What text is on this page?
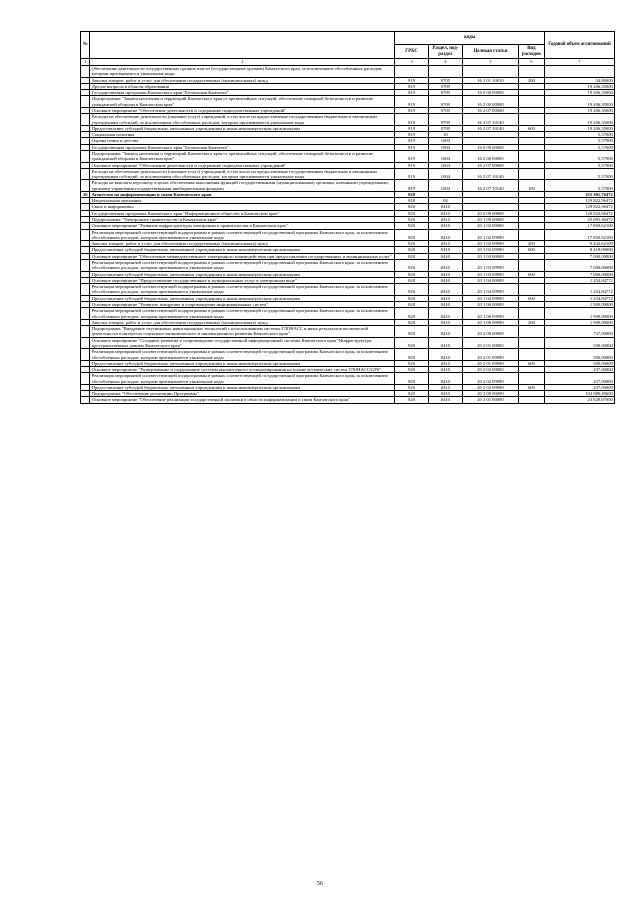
№		коды				Годовой объем ассигнований
		ГРБС	Раздел, под-раздел	Целевая статья	Вид расходов	
1	2	3	4	5	6	7
	Обеспечение деятельности государственных органов власти (государственных органов) Камчатского края, за исключением обособленных расходов, которым присваиваются уникальные коды					
	Закупка товаров, работ и услуг для обеспечения государственных (муниципальных) нужд	819	0705	16 1 01 10010	200	34,80000
	Другие вопросы в области образования	819	0709			19 206,35000
	Государственная программа Камчатского края "Безопасная Камчатка"	819	0709	16 0 00 00000		19 206,35000
	Подпрограмма "Защита населения и территорий Камчатского края от чрезвычайных ситуаций, обеспечение пожарной безопасности и развитие гражданской обороны в Камчатском крае"	819	0709	16 2 00 00000		19 206,35000
	Основное мероприятие "Обеспечение деятельности и содержание подведомственных учреждений"	819	0709	16 2 07 00000		19 206,35000
	Расходы на обеспечение деятельности (оказание услуг) учреждений, в том числе на предоставление государственным бюджетным и автономным учреждениям субсидий, за исключением обособленных расходов, которым присваиваются уникальные коды	819	0709	16 2 07 10140		19 206,35000
	Предоставление субсидий бюджетным, автономным учреждениям и иным некоммерческим организациям	819	0709	16 2 07 10140	600	19 206,35000
	Социальная политика	819	10			5,57000
	Охрана семьи и детства	819	1004			5,57000
	Государственная программа Камчатского края "Безопасная Камчатка"	819	1004	16 0 00 00000		5,57000
	Подпрограмма "Защита населения и территорий Камчатского края от чрезвычайных ситуаций, обеспечение пожарной безопасности и развитие гражданской обороны в Камчатском крае"	819	1004	16 2 00 00000		5,57000
	Основное мероприятие "Обеспечение деятельности и содержание подведомственных учреждений"	819	1004	16 2 07 00000		5,57000
	Расходы на обеспечение деятельности (оказание услуг) учреждений, в том числе на предоставление государственным бюджетным и автономным учреждениям субсидий, за исключением обособленных расходов, которым присваиваются уникальные коды	819	1004	16 2 07 10140		5,57000
	Расходы на выплаты персоналу в целях обеспечения выполнения функций государственными (муниципальными) органами, казенными учреждениями, органами управления государственными внебюджетными фондами	819	1004	16 2 07 10140	100	5,57000
16	Агентство по информатизации и связи Камчатского края	820				211 301,76472
	Национальная экономика	820	04			129 822,96472
	Связь и информатика	820	0410			129 822,96472
	Государственная программа Камчатского края "Информационное общество в Камчатском крае"	820	0410	20 0 00 00000		129 822,96472
	Подпрограмма "Электронное правительство в Камчатском крае"	820	0410	20 1 00 00000		25 005,46472
	Основное мероприятие "Развитие инфраструктуры электронного правительства в Камчатском крае"	820	0410	20 1 02 00000		17 850,62100
	Реализация мероприятий соответствующей подпрограммы в рамках соответствующей государственной программы Камчатского края, за исключением обособленных расходов, которым присваиваются уникальные коды	820	0410	20 1 02 09990		17 850,62100
	Закупка товаров, работ и услуг для обеспечения государственных (муниципальных) нужд	820	0410	20 1 02 09990	200	9 432,62100
	Предоставление субсидий бюджетным, автономным учреждениям и иным некоммерческим организациям	820	0410	20 1 02 09990	600	8 418,00000
	Основное мероприятие "Обеспечение межведомственного электронного взаимодействия при предоставлении государственных и муниципальных услуг"	820	0410	20 1 03 00000		7 000,00000
	Реализация мероприятий соответствующей подпрограммы в рамках соответствующей государственной программы Камчатского края, за исключением обособленных расходов, которым присваиваются уникальные коды	820	0410	20 1 03 09990		7 000,00000
	Предоставление субсидий бюджетным, автономным учреждениям и иным некоммерческим организациям	820	0410	20 1 03 09990	600	7 000,00000
	Основное мероприятие "Предоставление государственных и муниципальных услуг в электронном виде"	820	0410	20 1 04 00000		1 254,84772
	Реализация мероприятий соответствующей подпрограммы в рамках соответствующей государственной программы Камчатского края, за исключением обособленных расходов, которым присваиваются уникальные коды	820	0410	20 1 04 09990		1 254,84772
	Предоставление субсидий бюджетным, автономным учреждениям и иным некоммерческим организациям	820	0410	20 1 04 09990	600	1 254,84772
	Основное мероприятие "Развитие, внедрение и сопровождение информационных систем"	820	0410	20 1 06 00000		1 900,00000
	Реализация мероприятий соответствующей подпрограммы в рамках соответствующей государственной программы Камчатского края, за исключением обособленных расходов, которым присваиваются уникальные коды	820	0410	20 1 06 09990		1 900,00000
	Закупка товаров, работ и услуг для обеспечения государственных (муниципальных) нужд	820	0410	20 1 06 09990	200	1 900,00000
	Подпрограмма "Внедрение спутниковых навигационных технологий с использованием системы ГЛОНАСС и иных результатов космической деятельности в интересах социально-экономического и инновационного развития Камчатского края"	820	0410	20 2 00 00000		737,00000
	Основное мероприятие "Создание, развитие и сопровождение государственной информационной системы Камчатского края "Инфраструктура пространственных данных Камчатского края"	820	0410	20 2 01 00000		500,00000
	Реализация мероприятий соответствующей подпрограммы в рамках соответствующей государственной программы Камчатского края, за исключением обособленных расходов, которым присваиваются уникальные коды	820	0410	20 2 01 09990		500,00000
	Предоставление субсидий бюджетным, автономным учреждениям и иным некоммерческим организациям	820	0410	20 2 01 09990	600	500,00000
	Основное мероприятие "Развертывание и поддержание системы высокоточного позиционирования на основе космических систем ГЛОНАСС/GPS"	820	0410	20 2 02 00000		237,00000
	Реализация мероприятий соответствующей подпрограммы в рамках соответствующей государственной программы Камчатского края, за исключением обособленных расходов, которым присваиваются уникальные коды	820	0410	20 2 02 09990		237,00000
	Предоставление субсидий бюджетным, автономным учреждениям и иным некоммерческим организациям	820	0410	20 2 02 09990	600	237,00000
	Подпрограмма "Обеспечение реализации Программы"	820	0410	20 3 00 00000		104 080,49600
	Основное мероприятие "Обеспечение реализации государственной политики в области информатизации и связи Камчатского края"	820	0410	20 3 01 00000		23 829,07000
56
